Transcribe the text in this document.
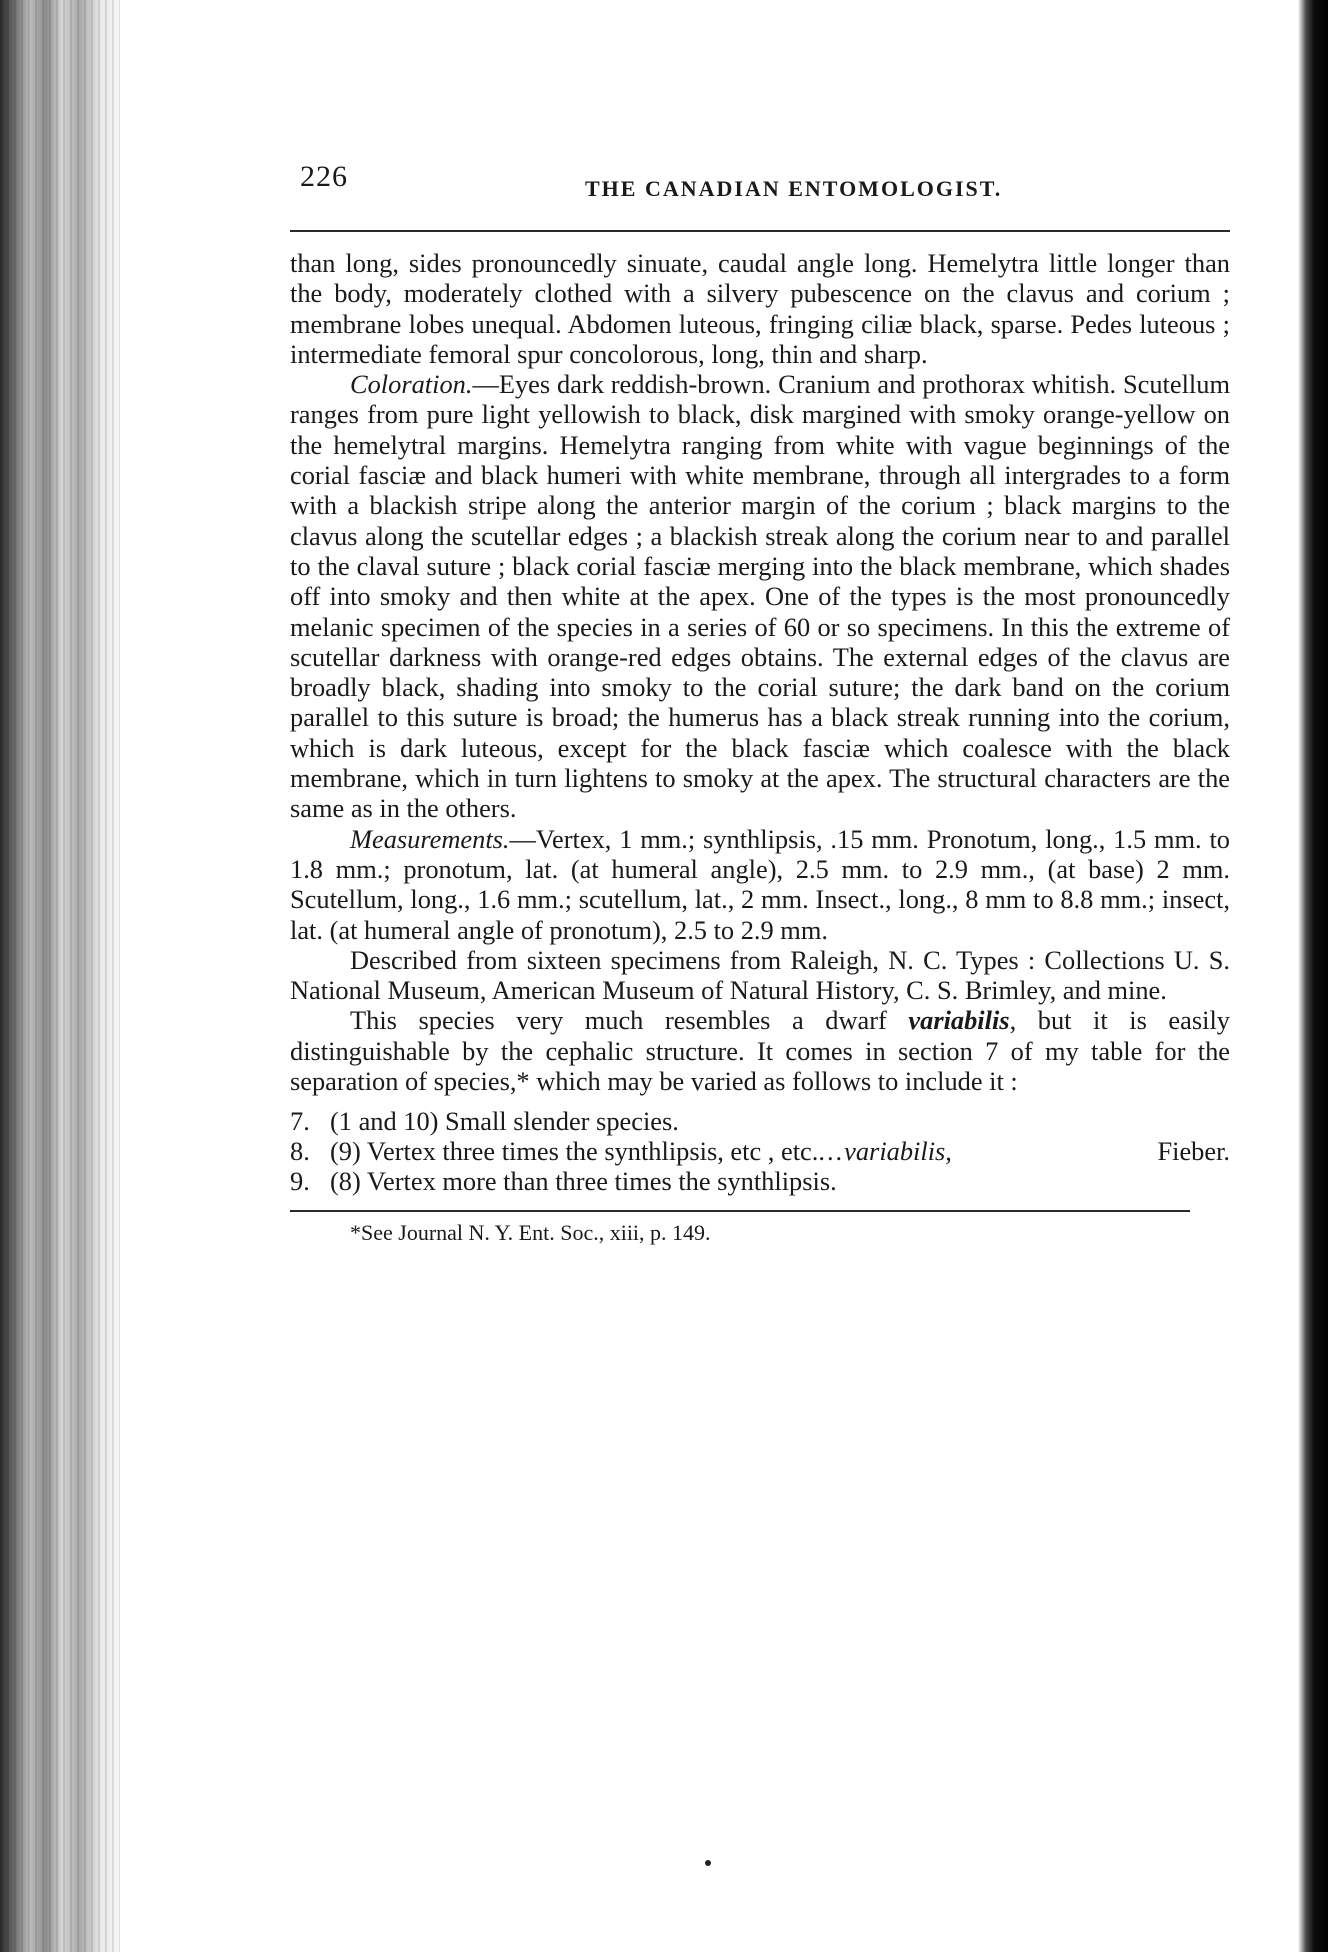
226	THE CANADIAN ENTOMOLOGIST.

than long, sides pronouncedly sinuate, caudal angle long. Hemelytra little longer than the body, moderately clothed with a silvery pubescence on the clavus and corium ; membrane lobes unequal. Abdomen luteous, fringing ciliæ black, sparse. Pedes luteous ; intermediate femoral spur concolorous, long, thin and sharp.

Coloration.—Eyes dark reddish-brown. Cranium and prothorax whitish. Scutellum ranges from pure light yellowish to black, disk margined with smoky orange-yellow on the hemelytral margins. Hemelytra ranging from white with vague beginnings of the corial fasciæ and black humeri with white membrane, through all intergrades to a form with a blackish stripe along the anterior margin of the corium ; black margins to the clavus along the scutellar edges ; a blackish streak along the corium near to and parallel to the claval suture ; black corial fasciæ merging into the black membrane, which shades off into smoky and then white at the apex. One of the types is the most pronouncedly melanic specimen of the species in a series of 60 or so specimens. In this the extreme of scutellar darkness with orange-red edges obtains. The external edges of the clavus are broadly black, shading into smoky to the corial suture; the dark band on the corium parallel to this suture is broad; the humerus has a black streak running into the corium, which is dark luteous, except for the black fasciæ which coalesce with the black membrane, which in turn lightens to smoky at the apex. The structural characters are the same as in the others.

Measurements.—Vertex, 1 mm.; synthlipsis, .15 mm. Pronotum, long., 1.5 mm. to 1.8 mm.; pronotum, lat. (at humeral angle), 2.5 mm. to 2.9 mm., (at base) 2 mm. Scutellum, long., 1.6 mm.; scutellum, lat., 2 mm. Insect., long., 8 mm to 8.8 mm.; insect, lat. (at humeral angle of pronotum), 2.5 to 2.9 mm.

Described from sixteen specimens from Raleigh, N. C. Types : Collections U. S. National Museum, American Museum of Natural History, C. S. Brimley, and mine.

This species very much resembles a dwarf variabilis, but it is easily distinguishable by the cephalic structure. It comes in section 7 of my table for the separation of species,* which may be varied as follows to include it :

7. (1 and 10) Small slender species.
8. (9) Vertex three times the synthlipsis, etc , etc....variabilis,	Fieber.
9. (8) Vertex more than three times the synthlipsis.
*See Journal N. Y. Ent. Soc., xiii, p. 149.
